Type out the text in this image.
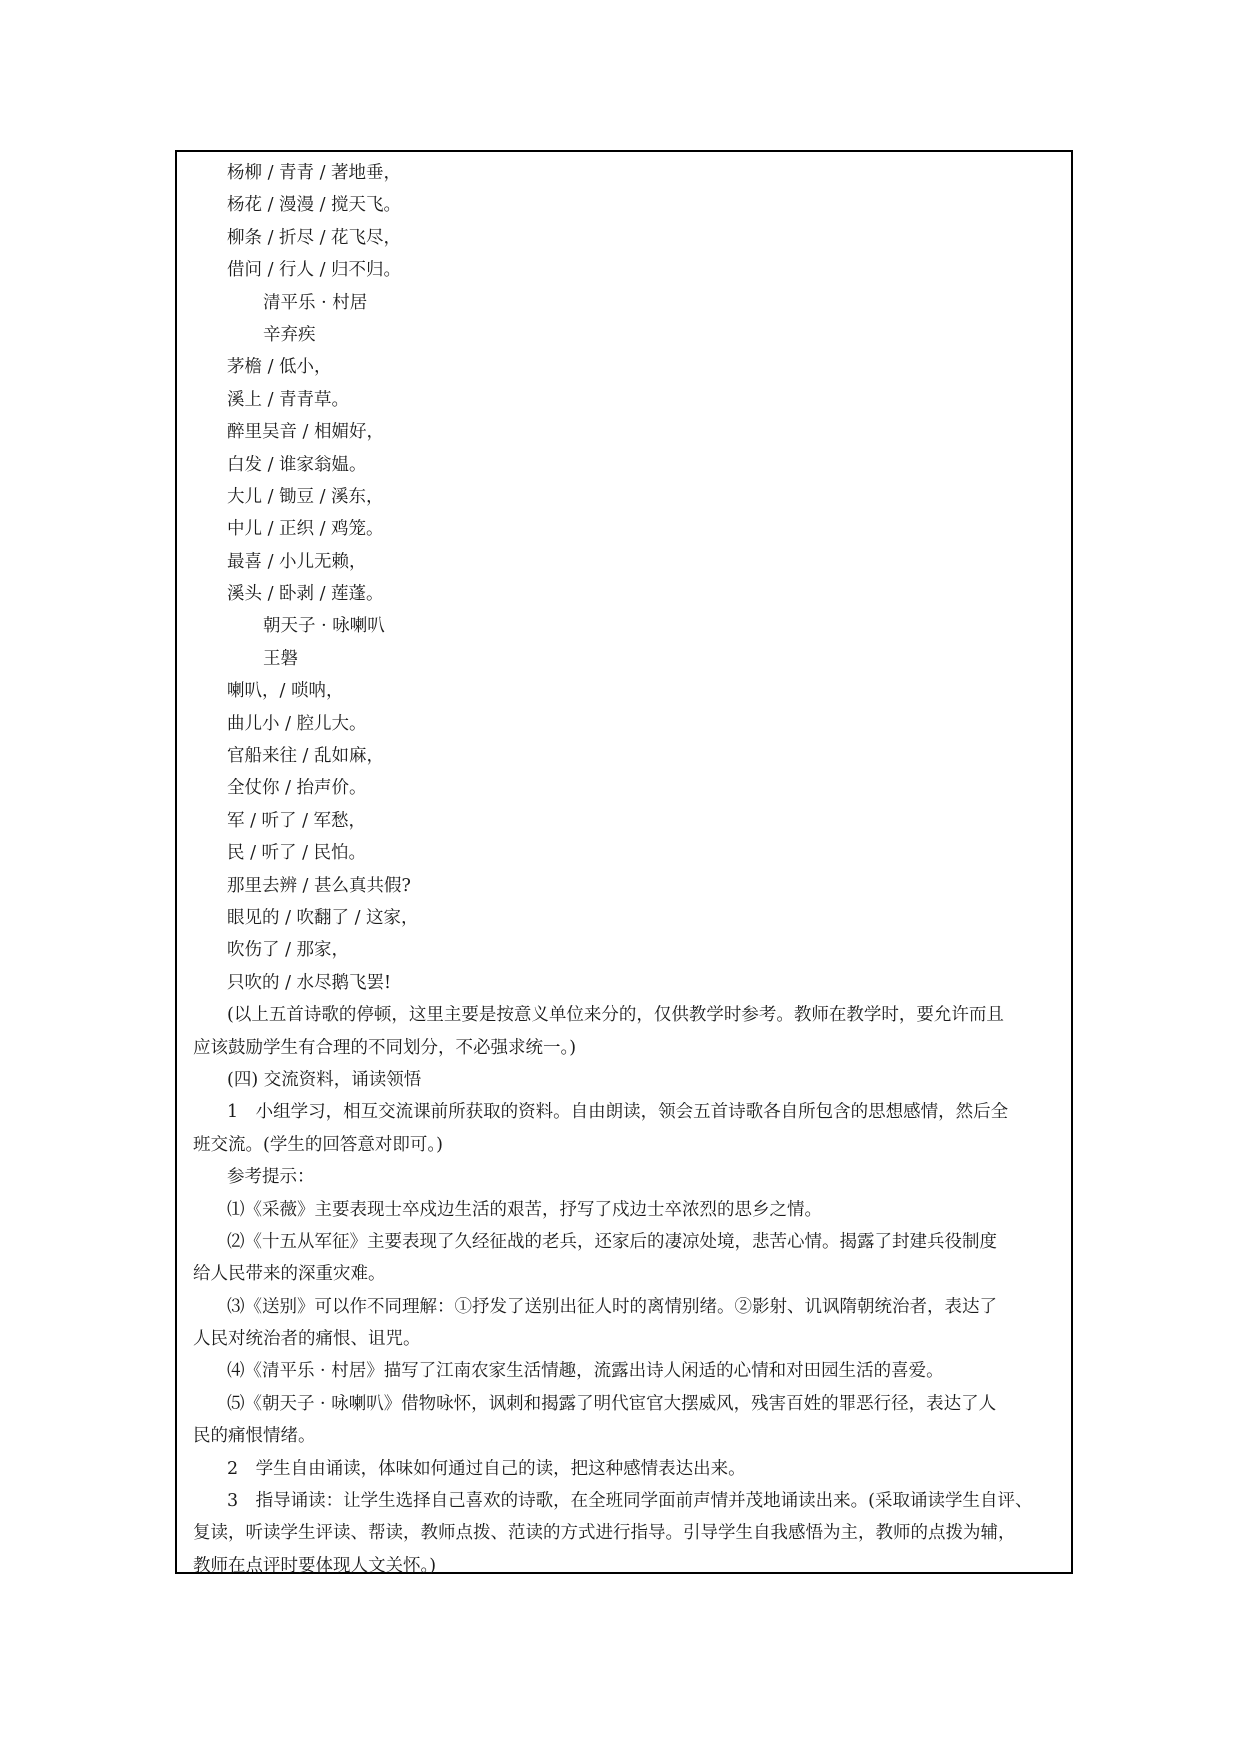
杨柳 / 青青 / 著地垂，
杨花 / 漫漫 / 搅天飞。
柳条 / 折尽 / 花飞尽，
借问 / 行人 / 归不归。
清平乐 · 村居
辛弃疾
茅檐 / 低小，
溪上 / 青青草。
醉里吴音 / 相媚好，
白发 / 谁家翁媪。
大儿 / 锄豆 / 溪东，
中儿 / 正织 / 鸡笼。
最喜 / 小儿无赖，
溪头 / 卧剥 / 莲蓬。
朝天子 · 咏喇叭
王磐
喇叭，/ 唢呐，
曲儿小 / 腔儿大。
官船来往 / 乱如麻，
全仗你 / 抬声价。
军 / 听了 / 军愁，
民 / 听了 / 民怕。
那里去辨 / 甚么真共假?
眼见的 / 吹翻了 / 这家，
吹伤了 / 那家，
只吹的 / 水尽鹅飞罢!
(以上五首诗歌的停顿，这里主要是按意义单位来分的，仅供教学时参考。教师在教学时，要允许而且
应该鼓励学生有合理的不同划分，不必强求统一。)
(四) 交流资料，诵读领悟
1　小组学习，相互交流课前所获取的资料。自由朗读，领会五首诗歌各自所包含的思想感情，然后全
班交流。(学生的回答意对即可。)
参考提示：
⑴《采薇》主要表现士卒戍边生活的艰苦，抒写了戍边士卒浓烈的思乡之情。
⑵《十五从军征》主要表现了久经征战的老兵，还家后的凄凉处境，悲苦心情。揭露了封建兵役制度
给人民带来的深重灾难。
⑶《送别》可以作不同理解：①抒发了送别出征人时的离情别绪。②影射、讥讽隋朝统治者，表达了
人民对统治者的痛恨、诅咒。
⑷《清平乐 · 村居》描写了江南农家生活情趣，流露出诗人闲适的心情和对田园生活的喜爱。
⑸《朝天子 · 咏喇叭》借物咏怀，讽刺和揭露了明代宦官大摆威风，残害百姓的罪恶行径，表达了人
民的痛恨情绪。
2　学生自由诵读，体味如何通过自己的读，把这种感情表达出来。
3　指导诵读：让学生选择自己喜欢的诗歌，在全班同学面前声情并茂地诵读出来。(采取诵读学生自评、
复读，听读学生评读、帮读，教师点拨、范读的方式进行指导。引导学生自我感悟为主，教师的点拨为辅，
教师在点评时要体现人文关怀。)
